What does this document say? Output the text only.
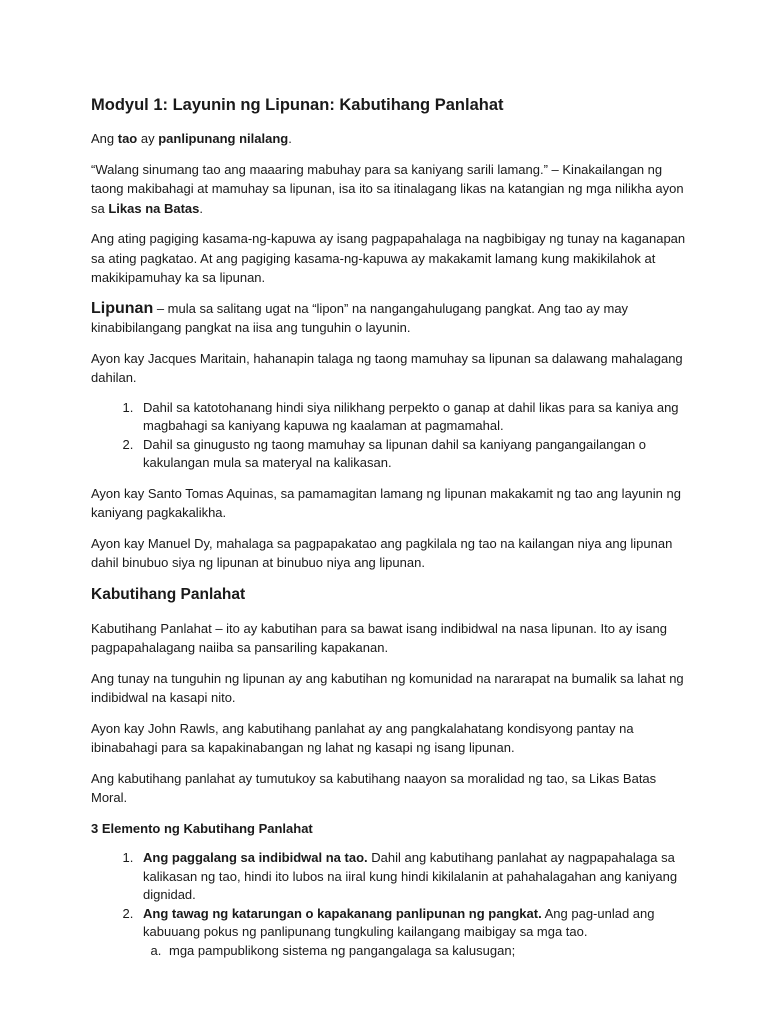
Modyul 1: Layunin ng Lipunan: Kabutihang Panlahat

Ang tao ay panlipunang nilalang.

“Walang sinumang tao ang maaaring mabuhay para sa kaniyang sarili lamang.” – Kinakailangan ng taong makibahagi at mamuhay sa lipunan, isa ito sa itinalagang likas na katangian ng mga nilikha ayon sa Likas na Batas.

Ang ating pagiging kasama-ng-kapuwa ay isang pagpapahalaga na nagbibigay ng tunay na kaganapan sa ating pagkatao. At ang pagiging kasama-ng-kapuwa ay makakamit lamang kung makikilahok at makikipamuhay ka sa lipunan.

Lipunan – mula sa salitang ugat na “lipon” na nangangahulugang pangkat. Ang tao ay may kinabibilangang pangkat na iisa ang tunguhin o layunin.

Ayon kay Jacques Maritain, hahanapin talaga ng taong mamuhay sa lipunan sa dalawang mahalagang dahilan.

1. Dahil sa katotohanang hindi siya nilikhang perpekto o ganap at dahil likas para sa kaniya ang magbahagi sa kaniyang kapuwa ng kaalaman at pagmamahal.
2. Dahil sa ginugusto ng taong mamuhay sa lipunan dahil sa kaniyang pangangailangan o kakulangan mula sa materyal na kalikasan.

Ayon kay Santo Tomas Aquinas, sa pamamagitan lamang ng lipunan makakamit ng tao ang layunin ng kaniyang pagkakalikha.

Ayon kay Manuel Dy, mahalaga sa pagpapakatao ang pagkilala ng tao na kailangan niya ang lipunan dahil binubuo siya ng lipunan at binubuo niya ang lipunan.

Kabutihang Panlahat

Kabutihang Panlahat – ito ay kabutihan para sa bawat isang indibidwal na nasa lipunan. Ito ay isang pagpapahalagang naiiba sa pansariling kapakanan.

Ang tunay na tunguhin ng lipunan ay ang kabutihan ng komunidad na nararapat na bumalik sa lahat ng indibidwal na kasapi nito.

Ayon kay John Rawls, ang kabutihang panlahat ay ang pangkalahatang kondisyong pantay na ibinabahagi para sa kapakinabangan ng lahat ng kasapi ng isang lipunan.

Ang kabutihang panlahat ay tumutukoy sa kabutihang naayon sa moralidad ng tao, sa Likas Batas Moral.

3 Elemento ng Kabutihang Panlahat
1. Ang paggalang sa indibidwal na tao. Dahil ang kabutihang panlahat ay nagpapahalaga sa kalikasan ng tao, hindi ito lubos na iiral kung hindi kikilalanin at pahahalagahan ang kaniyang dignidad.
2. Ang tawag ng katarungan o kapakanang panlipunan ng pangkat. Ang pag-unlad ang kabuuang pokus ng panlipunang tungkuling kailangang maibigay sa mga tao.
a. mga pampublikong sistema ng pangangalaga sa kalusugan;
